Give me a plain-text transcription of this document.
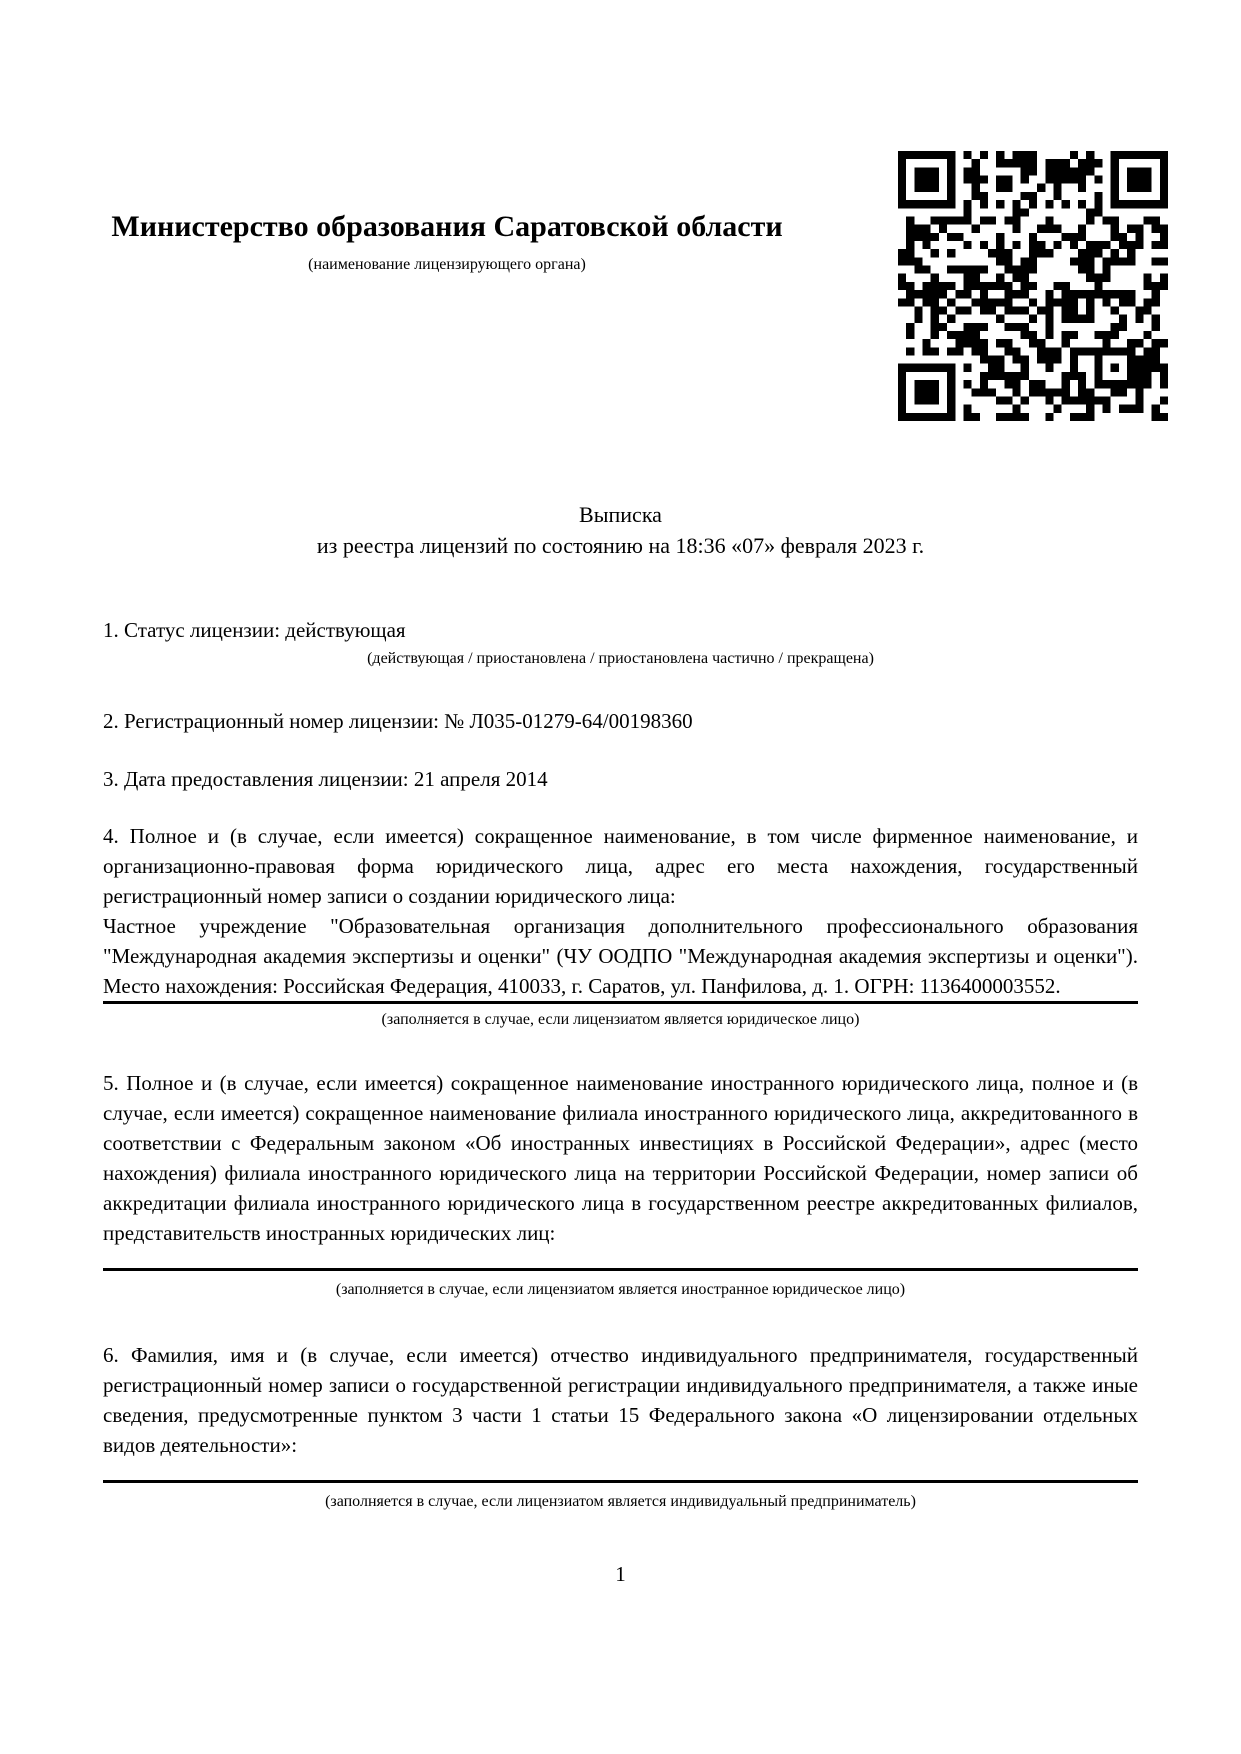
Министерство образования Саратовской области
(наименование лицензирующего органа)
Выписка
из реестра лицензий по состоянию на 18:36 «07» февраля 2023 г.

1. Статус лицензии: действующая

(действующая / приостановлена / приостановлена частично / прекращена)

2. Регистрационный номер лицензии: № Л035-01279-64/00198360

3. Дата предоставления лицензии: 21 апреля 2014

4. Полное и (в случае, если имеется) сокращенное наименование, в том числе фирменное наименование, и организационно-правовая форма юридического лица, адрес его места нахождения, государственный регистрационный номер записи о создании юридического лица:

Частное учреждение "Образовательная организация дополнительного профессионального образования "Международная академия экспертизы и оценки" (ЧУ ООДПО "Международная академия экспертизы и оценки"). Место нахождения: Российская Федерация, 410033, г. Саратов, ул. Панфилова, д. 1. ОГРН: 1136400003552.

(заполняется в случае, если лицензиатом является юридическое лицо)

5. Полное и (в случае, если имеется) сокращенное наименование иностранного юридического лица, полное и (в случае, если имеется) сокращенное наименование филиала иностранного юридического лица, аккредитованного в соответствии с Федеральным законом «Об иностранных инвестициях в Российской Федерации», адрес (место нахождения) филиала иностранного юридического лица на территории Российской Федерации, номер записи об аккредитации филиала иностранного юридического лица в государственном реестре аккредитованных филиалов, представительств иностранных юридических лиц:

(заполняется в случае, если лицензиатом является иностранное юридическое лицо)

6. Фамилия, имя и (в случае, если имеется) отчество индивидуального предпринимателя, государственный регистрационный номер записи о государственной регистрации индивидуального предпринимателя, а также иные сведения, предусмотренные пунктом 3 части 1 статьи 15 Федерального закона «О лицензировании отдельных видов деятельности»:

(заполняется в случае, если лицензиатом является индивидуальный предприниматель)
1
